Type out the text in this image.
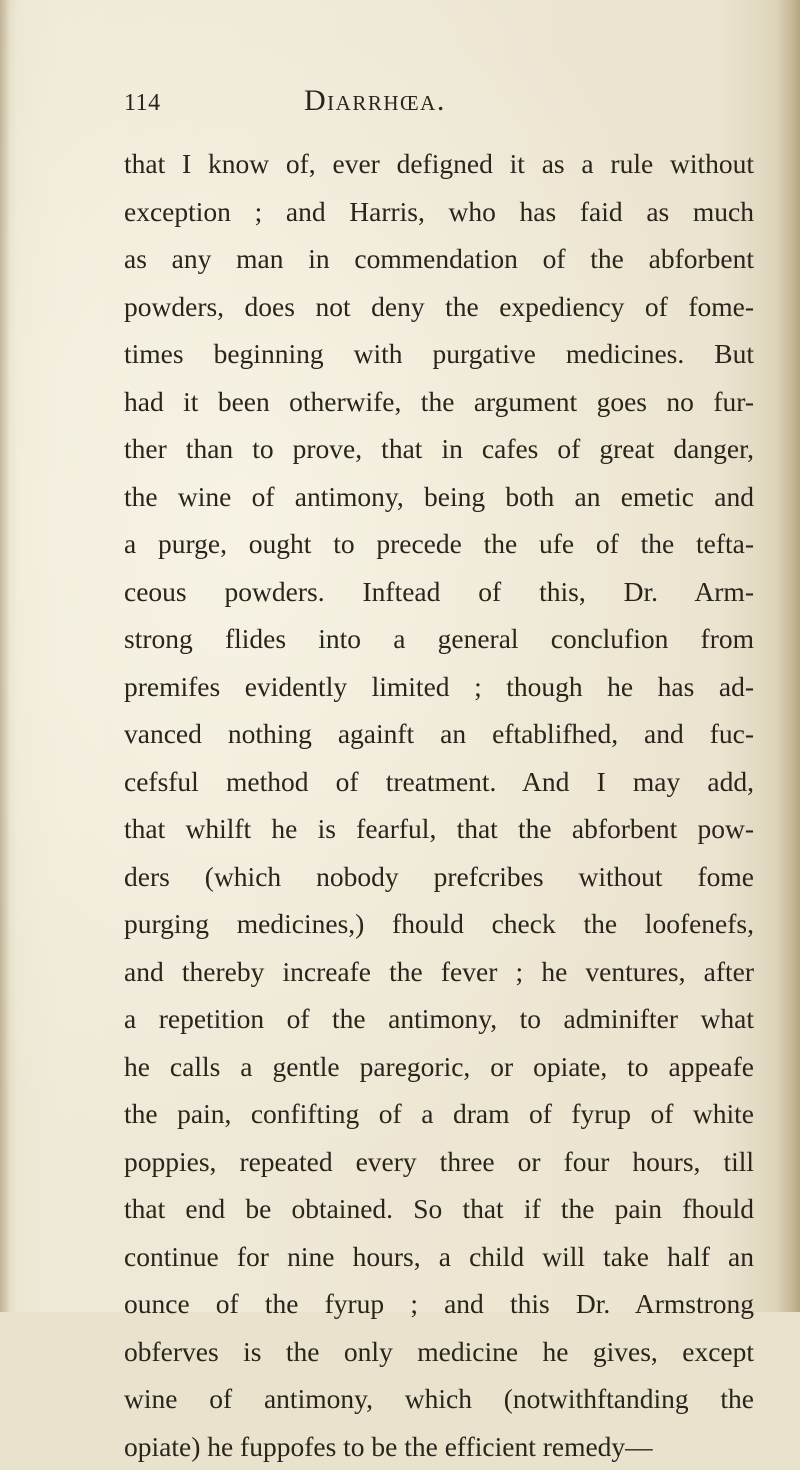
114	Diarrhœa.
that I know of, ever defigned it as a rule without
exception ; and Harris, who has faid as much
as any man in commendation of the abforbent
powders, does not deny the expediency of fome-
times beginning with purgative medicines. But
had it been otherwife, the argument goes no fur-
ther than to prove, that in cafes of great danger,
the wine of antimony, being both an emetic and
a purge, ought to precede the ufe of the tefta-
ceous powders. Inftead of this, Dr. Arm-
strong flides into a general conclufion from
premifes evidently limited ; though he has ad-
vanced nothing againft an eftablifhed, and fuc-
cefsful method of treatment. And I may add,
that whilft he is fearful, that the abforbent pow-
ders (which nobody prefcribes without fome
purging medicines,) fhould check the loofenefs,
and thereby increafe the fever ; he ventures, after
a repetition of the antimony, to adminifter what
he calls a gentle paregoric, or opiate, to appeafe
the pain, confifting of a dram of fyrup of white
poppies, repeated every three or four hours, till
that end be obtained. So that if the pain fhould
continue for nine hours, a child will take half an
ounce of the fyrup ; and this Dr. Armstrong
obferves is the only medicine he gives, except
wine of antimony, which (notwithftanding the
opiate) he fuppofes to be the efficient remedy—
